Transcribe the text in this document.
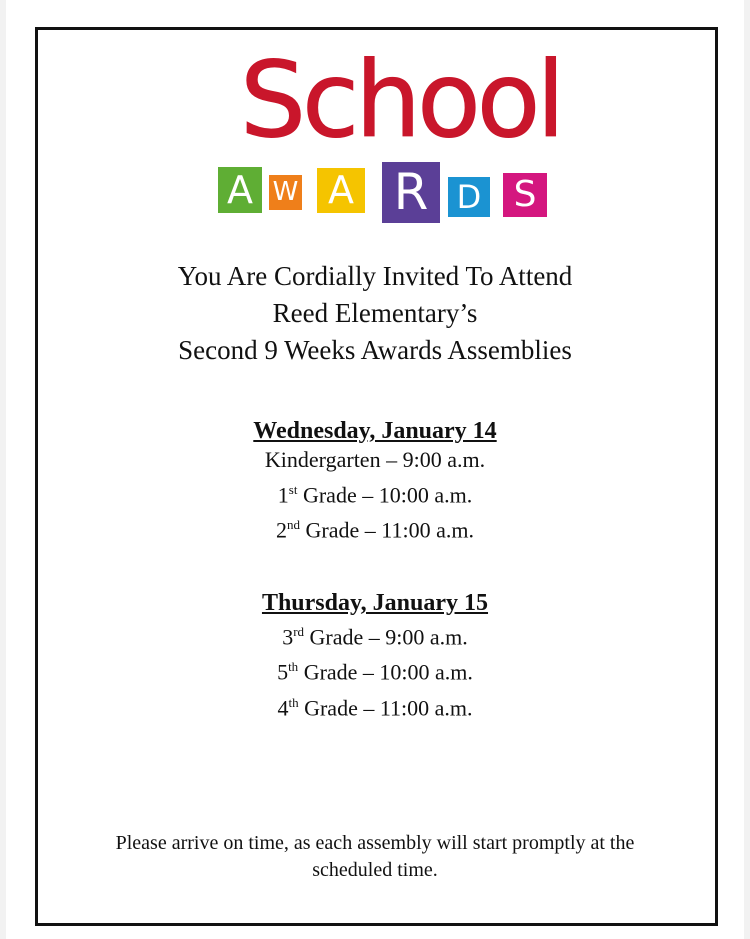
School
A W A R D S
You Are Cordially Invited To Attend
Reed Elementary’s
Second 9 Weeks Awards Assemblies
Wednesday, January 14
Kindergarten – 9:00 a.m.
1st Grade – 10:00 a.m.
2nd Grade – 11:00 a.m.
Thursday, January 15
3rd Grade – 9:00 a.m.
5th Grade – 10:00 a.m.
4th Grade – 11:00 a.m.
Please arrive on time, as each assembly will start promptly at the scheduled time.
